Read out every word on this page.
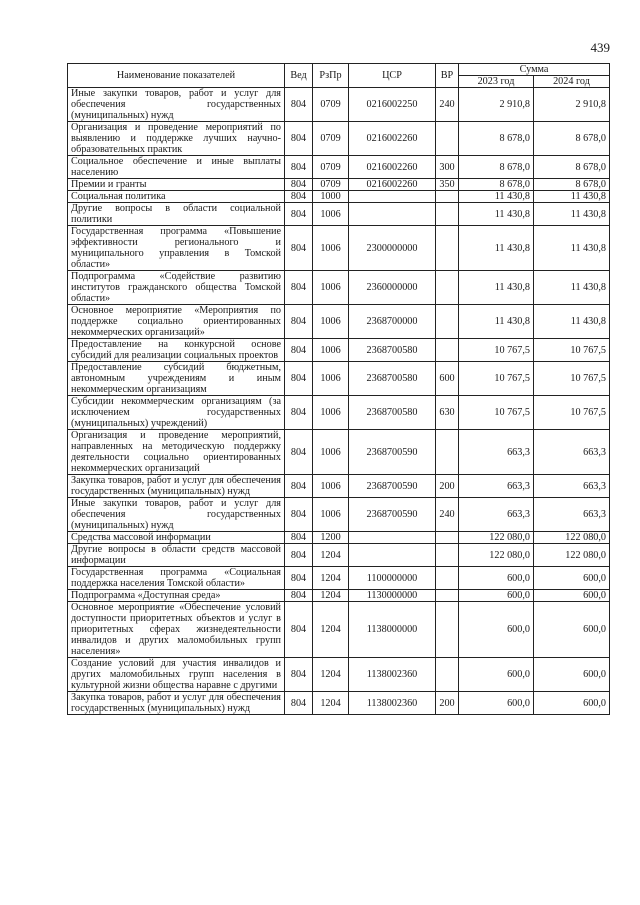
439
Наименование показателей	Вед	РзПр	ЦСР	ВР	Сумма	
					2023 год	2024 год
Иные закупки товаров, работ и услуг для обеспечения государственных (муниципальных) нужд	804	0709	0216002250	240	2 910,8	2 910,8
Организация и проведение мероприятий по выявлению и поддержке лучших научно-образовательных практик	804	0709	0216002260		8 678,0	8 678,0
Социальное обеспечение и иные выплаты населению	804	0709	0216002260	300	8 678,0	8 678,0
Премии и гранты	804	0709	0216002260	350	8 678,0	8 678,0
Социальная политика	804	1000			11 430,8	11 430,8
Другие вопросы в области социальной политики	804	1006			11 430,8	11 430,8
Государственная программа «Повышение эффективности регионального и муниципального управления в Томской области»	804	1006	2300000000		11 430,8	11 430,8
Подпрограмма «Содействие развитию институтов гражданского общества Томской области»	804	1006	2360000000		11 430,8	11 430,8
Основное мероприятие «Мероприятия по поддержке социально ориентированных некоммерческих организаций»	804	1006	2368700000		11 430,8	11 430,8
Предоставление на конкурсной основе субсидий для реализации социальных проектов	804	1006	2368700580		10 767,5	10 767,5
Предоставление субсидий бюджетным, автономным учреждениям и иным некоммерческим организациям	804	1006	2368700580	600	10 767,5	10 767,5
Субсидии некоммерческим организациям (за исключением государственных (муниципальных) учреждений)	804	1006	2368700580	630	10 767,5	10 767,5
Организация и проведение мероприятий, направленных на методическую поддержку деятельности социально ориентированных некоммерческих организаций	804	1006	2368700590		663,3	663,3
Закупка товаров, работ и услуг для обеспечения государственных (муниципальных) нужд	804	1006	2368700590	200	663,3	663,3
Иные закупки товаров, работ и услуг для обеспечения государственных (муниципальных) нужд	804	1006	2368700590	240	663,3	663,3
Средства массовой информации	804	1200			122 080,0	122 080,0
Другие вопросы в области средств массовой информации	804	1204			122 080,0	122 080,0
Государственная программа «Социальная поддержка населения Томской области»	804	1204	1100000000		600,0	600,0
Подпрограмма «Доступная среда»	804	1204	1130000000		600,0	600,0
Основное мероприятие «Обеспечение условий доступности приоритетных объектов и услуг в приоритетных сферах жизнедеятельности инвалидов и других маломобильных групп населения»	804	1204	1138000000		600,0	600,0
Создание условий для участия инвалидов и других маломобильных групп населения в культурной жизни общества наравне с другими	804	1204	1138002360		600,0	600,0
Закупка товаров, работ и услуг для обеспечения государственных (муниципальных) нужд	804	1204	1138002360	200	600,0	600,0
